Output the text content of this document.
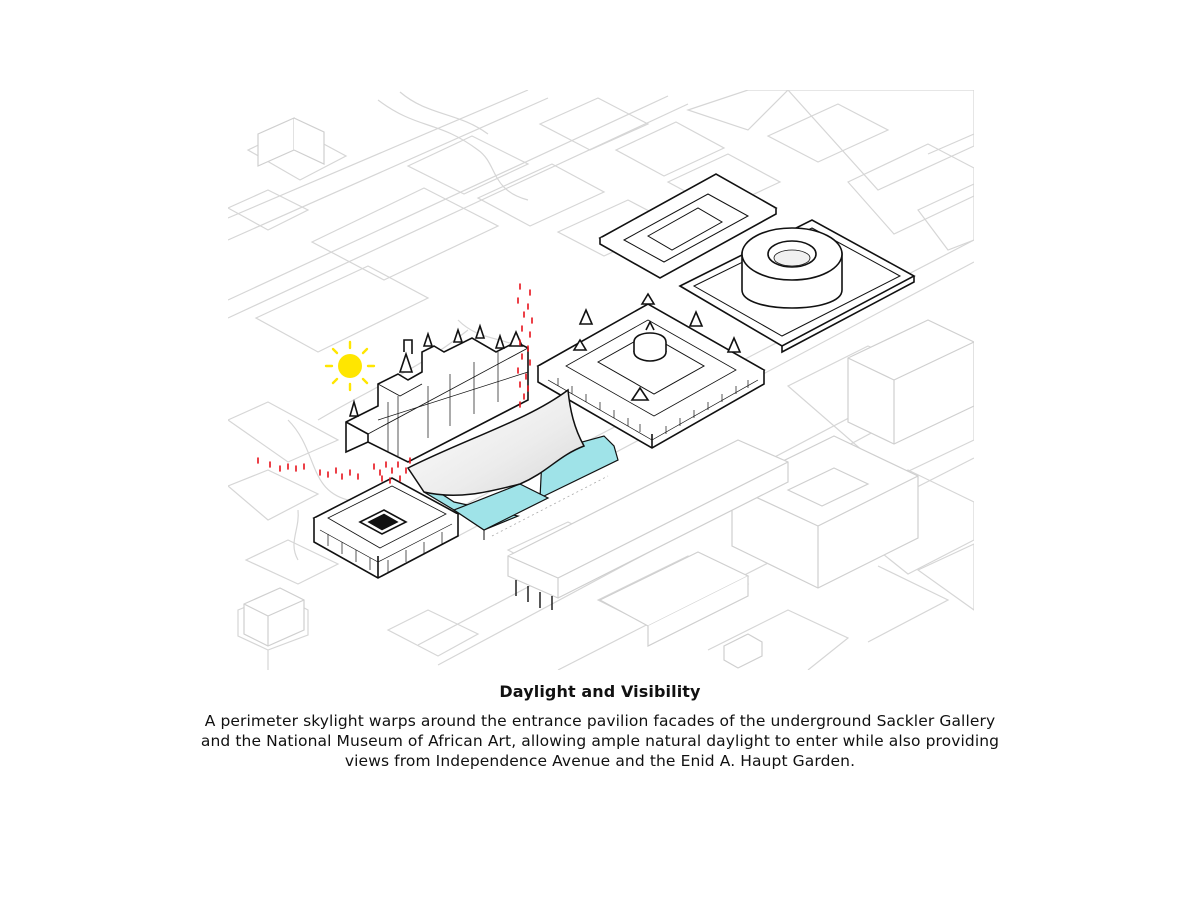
Daylight and Visibility

A perimeter skylight warps around the entrance pavilion facades of the underground Sackler Gallery and the National Museum of African Art, allowing ample natural daylight to enter while also providing views from Independence Avenue and the Enid A. Haupt Garden.
